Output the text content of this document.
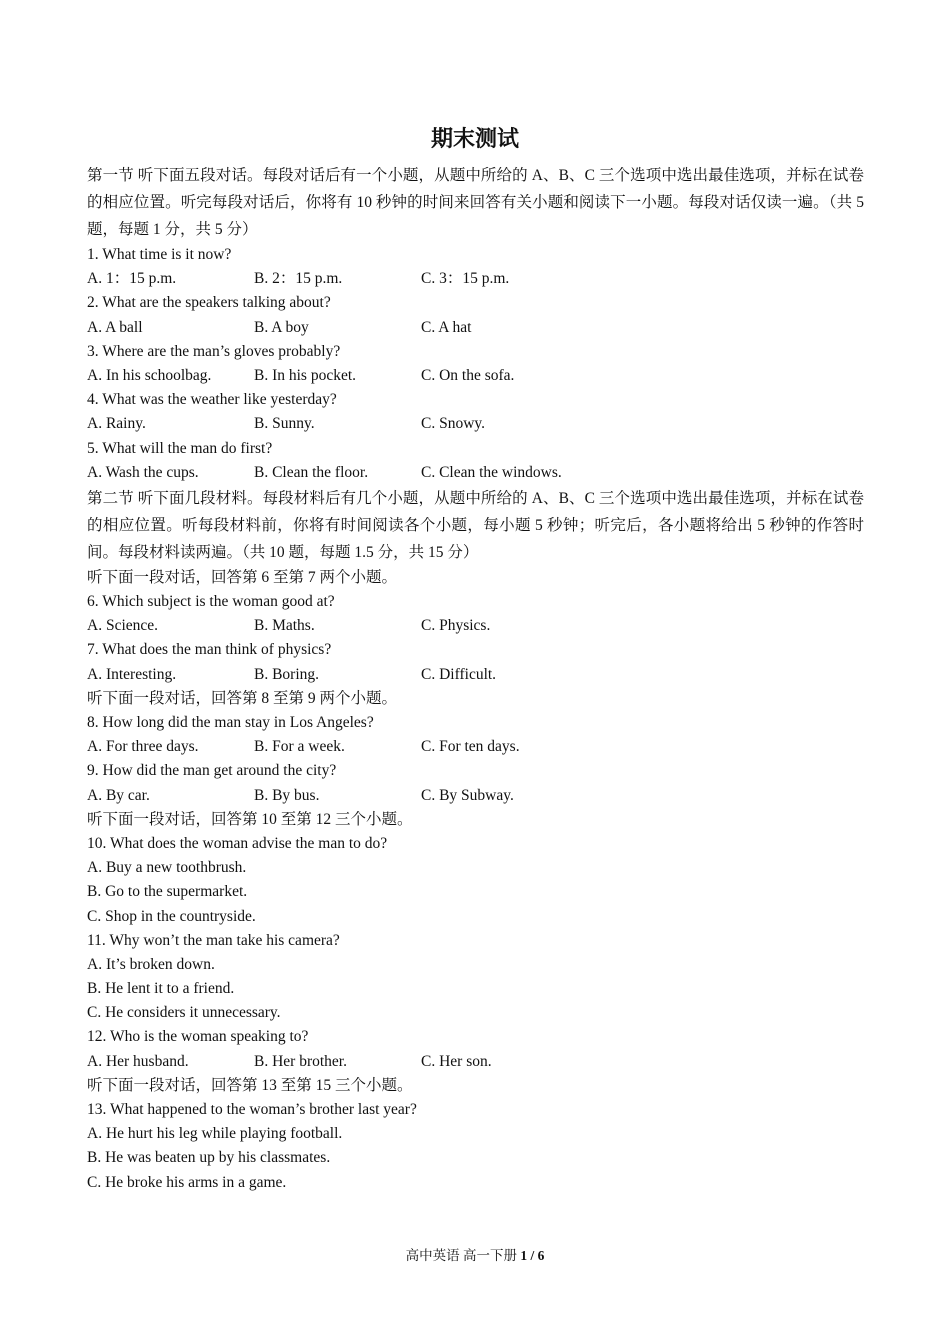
期末测试
第一节 听下面五段对话。每段对话后有一个小题，从题中所给的 A、B、C 三个选项中选出最佳选项，并标在试卷的相应位置。听完每段对话后，你将有 10 秒钟的时间来回答有关小题和阅读下一小题。每段对话仅读一遍。（共 5 题，每题 1 分，共 5 分）
1. What time is it now?
A. 1：15 p.m.	B. 2：15 p.m.	C. 3：15 p.m.
2. What are the speakers talking about?
A. A ball	B. A boy	C. A hat
3. Where are the man’s gloves probably?
A. In his schoolbag.	B. In his pocket.	C. On the sofa.
4. What was the weather like yesterday?
A. Rainy.	B. Sunny.	C. Snowy.
5. What will the man do first?
A. Wash the cups.	B. Clean the floor.	C. Clean the windows.
第二节 听下面几段材料。每段材料后有几个小题，从题中所给的 A、B、C 三个选项中选出最佳选项，并标在试卷的相应位置。听每段材料前，你将有时间阅读各个小题，每小题 5 秒钟；听完后，各小题将给出 5 秒钟的作答时间。每段材料读两遍。（共 10 题，每题 1.5 分，共 15 分）
听下面一段对话，回答第 6 至第 7 两个小题。
6. Which subject is the woman good at?
A. Science.	B. Maths.	C. Physics.
7. What does the man think of physics?
A. Interesting.	B. Boring.	C. Difficult.
听下面一段对话，回答第 8 至第 9 两个小题。
8. How long did the man stay in Los Angeles?
A. For three days.	B. For a week.	C. For ten days.
9. How did the man get around the city?
A. By car.	B. By bus.	C. By Subway.
听下面一段对话，回答第 10 至第 12 三个小题。
10. What does the woman advise the man to do?
A. Buy a new toothbrush.
B. Go to the supermarket.
C. Shop in the countryside.
11. Why won’t the man take his camera?
A. It’s broken down.
B. He lent it to a friend.
C. He considers it unnecessary.
12. Who is the woman speaking to?
A. Her husband.	B. Her brother.	C. Her son.
听下面一段对话，回答第 13 至第 15 三个小题。
13. What happened to the woman’s brother last year?
A. He hurt his leg while playing football.
B. He was beaten up by his classmates.
C. He broke his arms in a game.
高中英语 高一下册 1 / 6
